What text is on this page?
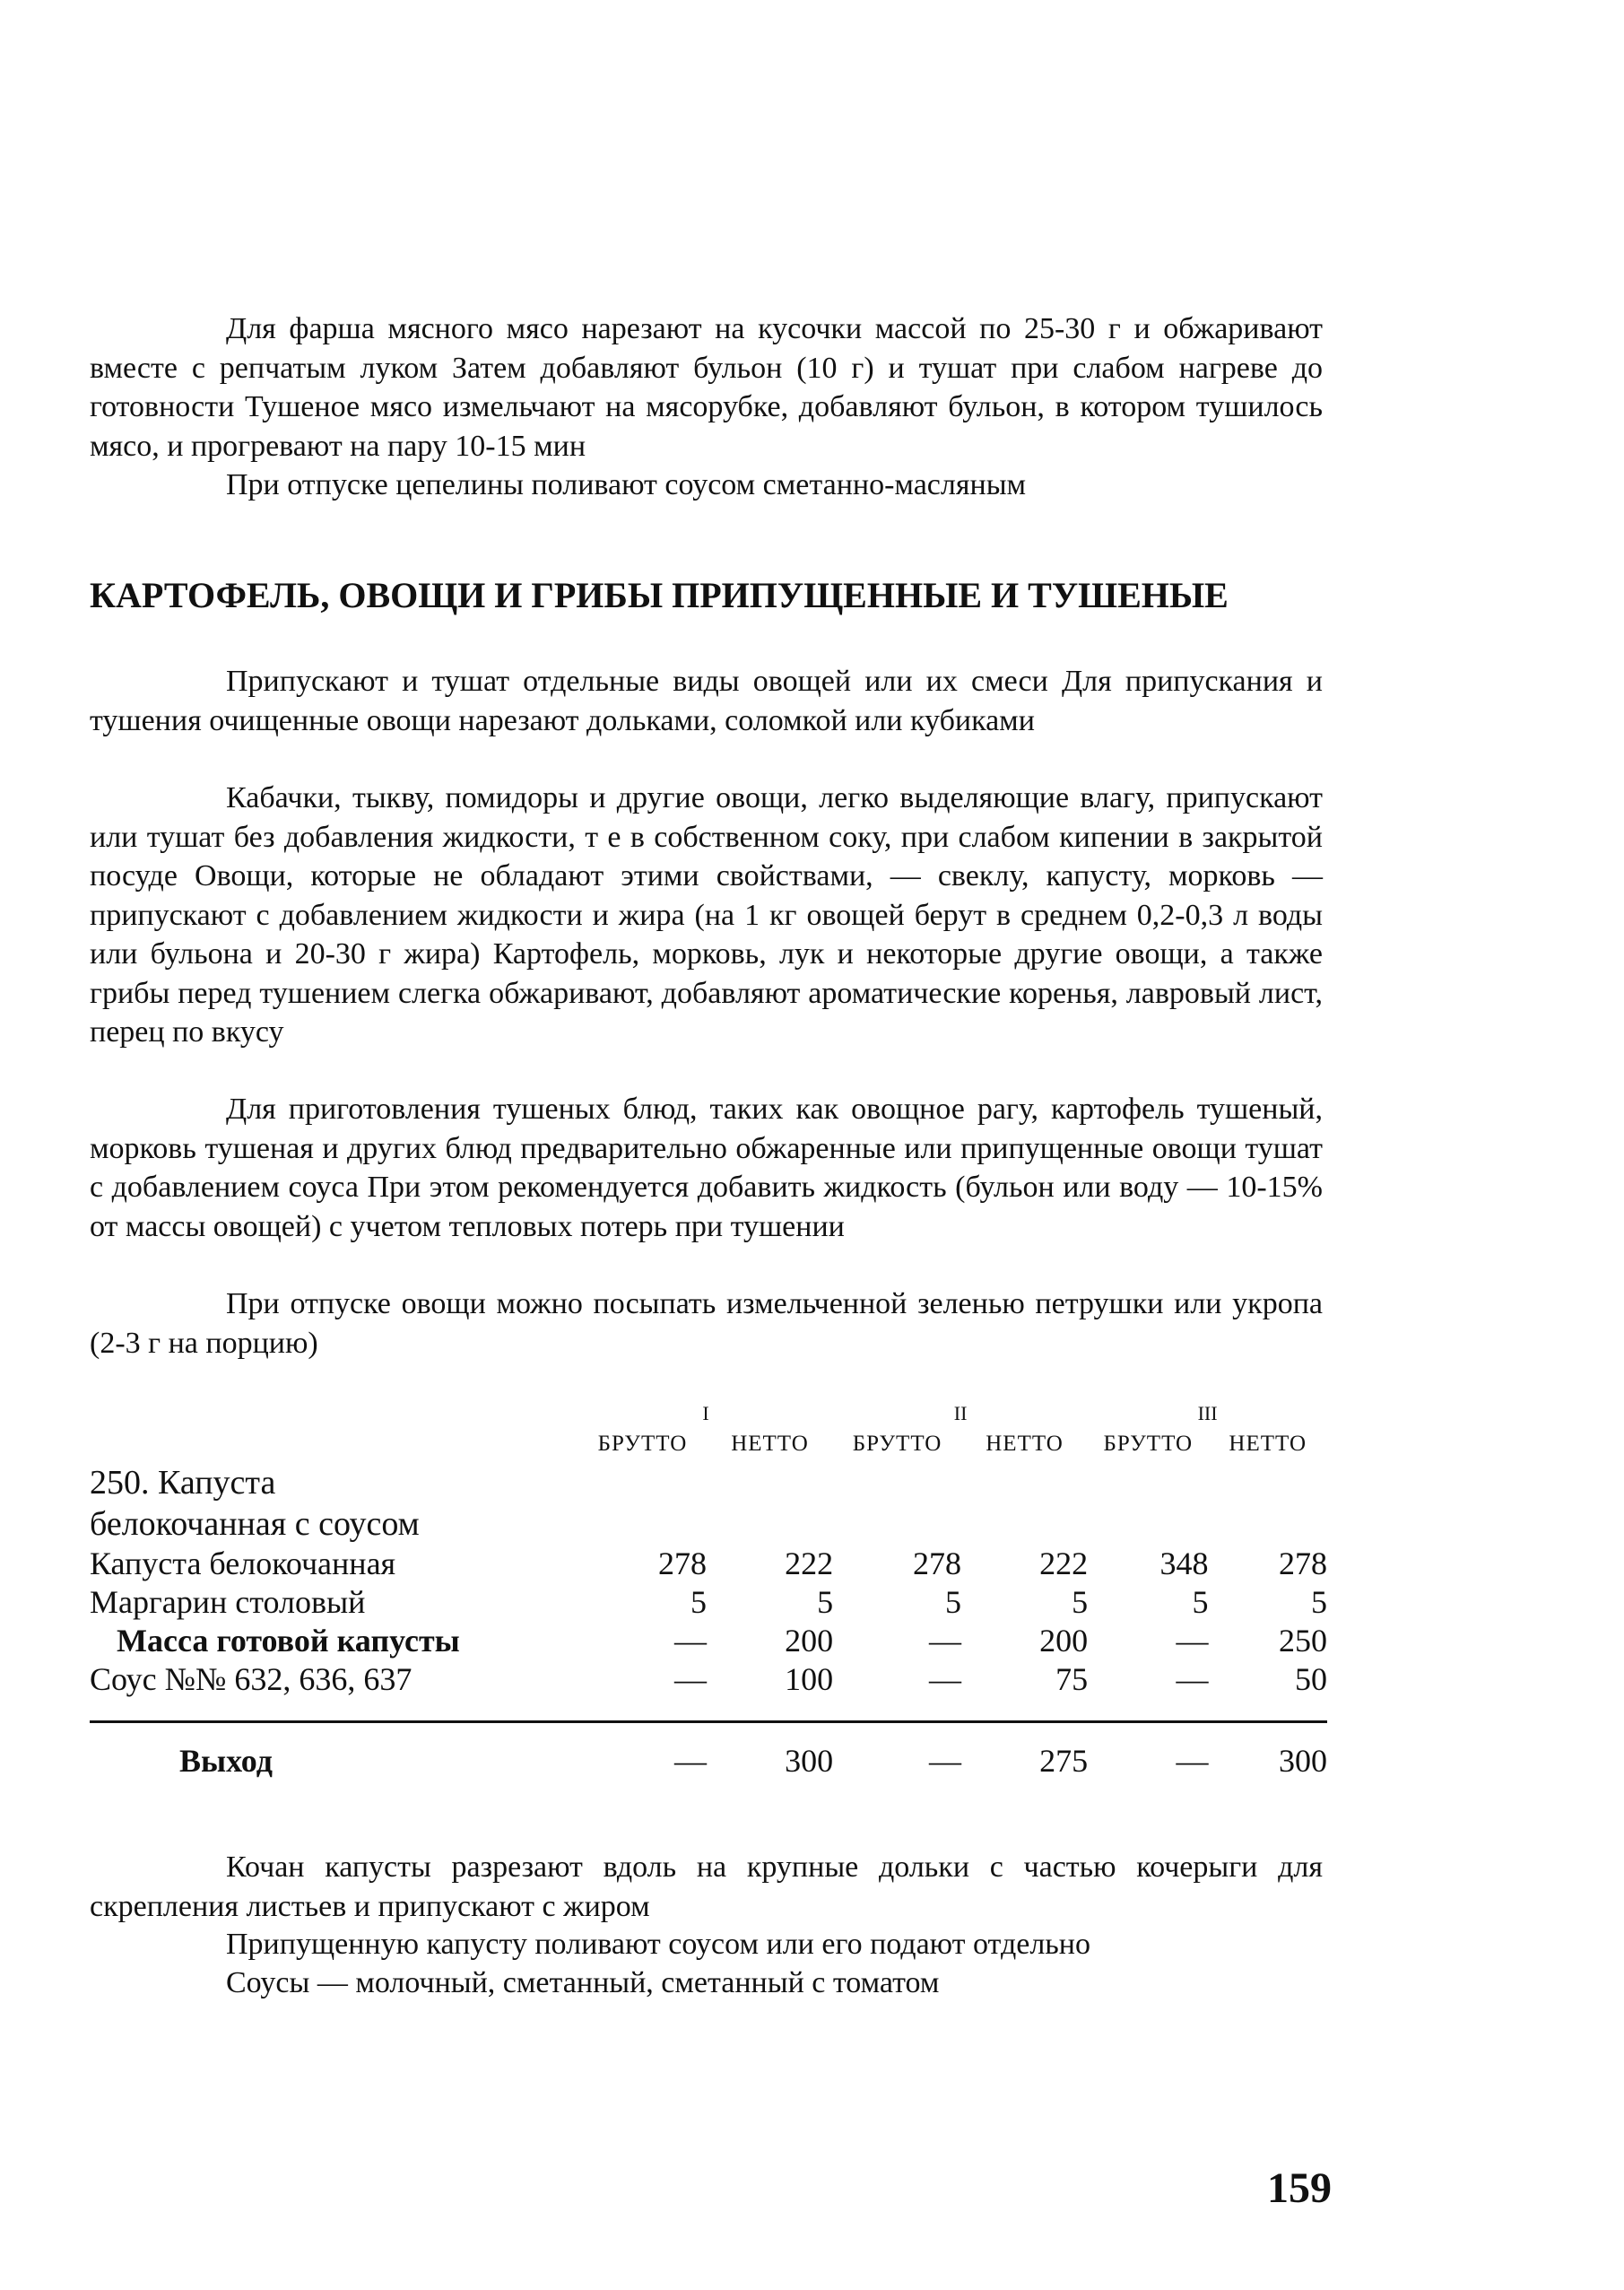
Для фарша мясного мясо нарезают на кусочки массой по 25-30 г и обжаривают вместе с репчатым луком Затем добавляют бульон (10 г) и тушат при слабом нагреве до готовности Тушеное мясо измельчают на мясорубке, добавляют бульон, в котором тушилось мясо, и прогревают на пару 10-15 мин

При отпуске цепелины поливают соусом сметанно-масляным

КАРТОФЕЛЬ, ОВОЩИ И ГРИБЫ ПРИПУЩЕННЫЕ И ТУШЕНЫЕ

Припускают и тушат отдельные виды овощей или их смеси Для припускания и тушения очищенные овощи нарезают дольками, соломкой или кубиками

Кабачки, тыкву, помидоры и другие овощи, легко выделяющие влагу, припускают или тушат без добавления жидкости, т е в собственном соку, при слабом кипении в закрытой посуде Овощи, которые не обладают этими свойствами, — свеклу, капусту, морковь — припускают с добавлением жидкости и жира (на 1 кг овощей берут в среднем 0,2-0,3 л воды или бульона и 20-30 г жира) Картофель, морковь, лук и некоторые другие овощи, а также грибы перед тушением слегка обжаривают, добавляют ароматические коренья, лавровый лист, перец по вкусу

Для приготовления тушеных блюд, таких как овощное рагу, картофель тушеный, морковь тушеная и других блюд предварительно обжаренные или припущенные овощи тушат с добавлением соуса При этом рекомендуется добавить жидкость (бульон или воду — 10-15% от массы овощей) с учетом тепловых потерь при тушении

При отпуске овощи можно посыпать измельченной зеленью петрушки или укропа (2-3 г на порцию)

	I		II		III	
	БРУТТО	НЕТТО	БРУТТО	НЕТТО	БРУТТО	НЕТТО
250. Капуста						
белокочанная с соусом						
Капуста белокочанная	278	222	278	222	348	278
Маргарин столовый	5	5	5	5	5	5
Масса готовой капусты	—	200	—	200	—	250
Соус №№ 632, 636, 637	—	100	—	75	—	50

Выход	—	300	—	275	—	300

Кочан капусты разрезают вдоль на крупные дольки с частью кочерыги для скрепления листьев и припускают с жиром

Припущенную капусту поливают соусом или его подают отдельно

Соусы — молочный, сметанный, сметанный с томатом

159
